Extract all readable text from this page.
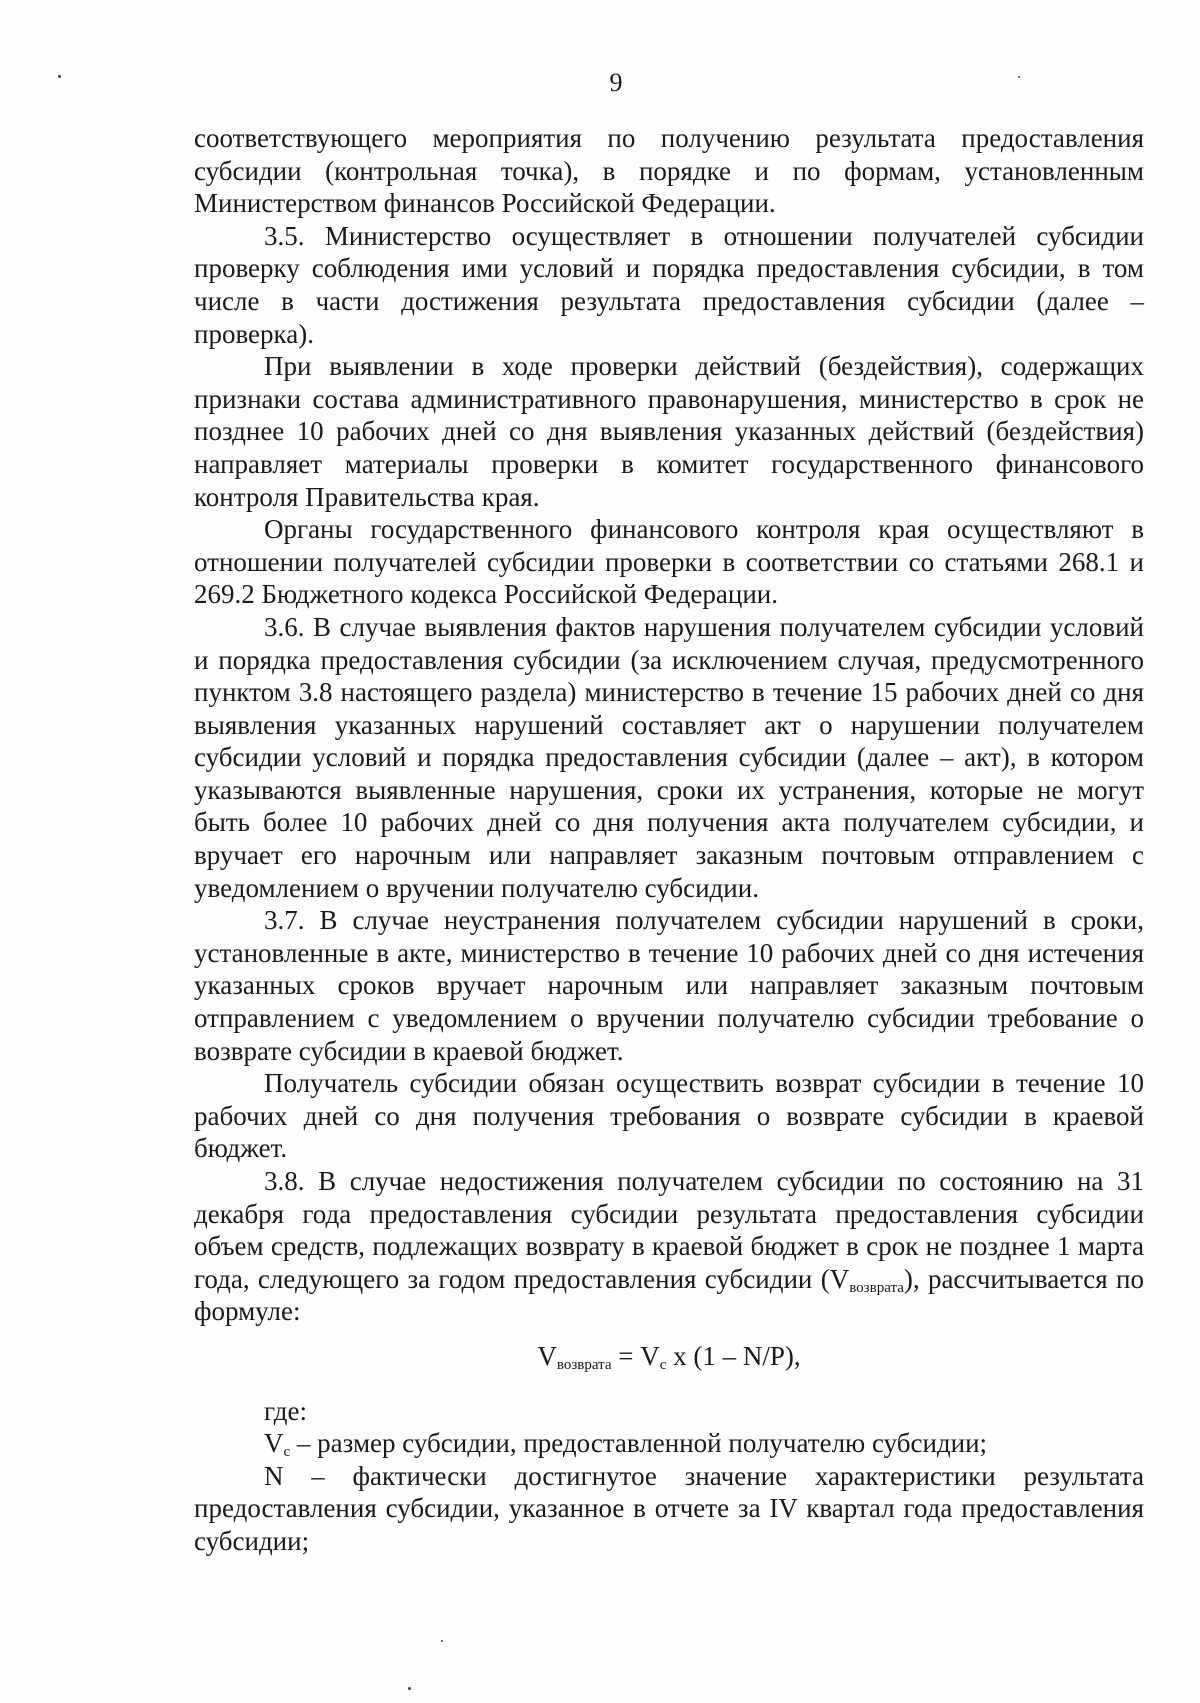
9

соответствующего мероприятия по получению результата предоставления субсидии (контрольная точка), в порядке и по формам, установленным Министерством финансов Российской Федерации.

3.5. Министерство осуществляет в отношении получателей субсидии проверку соблюдения ими условий и порядка предоставления субсидии, в том числе в части достижения результата предоставления субсидии (далее – проверка).

При выявлении в ходе проверки действий (бездействия), содержащих признаки состава административного правонарушения, министерство в срок не позднее 10 рабочих дней со дня выявления указанных действий (бездействия) направляет материалы проверки в комитет государственного финансового контроля Правительства края.

Органы государственного финансового контроля края осуществляют в отношении получателей субсидии проверки в соответствии со статьями 268.1 и 269.2 Бюджетного кодекса Российской Федерации.

3.6. В случае выявления фактов нарушения получателем субсидии условий и порядка предоставления субсидии (за исключением случая, предусмотренного пунктом 3.8 настоящего раздела) министерство в течение 15 рабочих дней со дня выявления указанных нарушений составляет акт о нарушении получателем субсидии условий и порядка предоставления субсидии (далее – акт), в котором указываются выявленные нарушения, сроки их устранения, которые не могут быть более 10 рабочих дней со дня получения акта получателем субсидии, и вручает его нарочным или направляет заказным почтовым отправлением с уведомлением о вручении получателю субсидии.

3.7. В случае неустранения получателем субсидии нарушений в сроки, установленные в акте, министерство в течение 10 рабочих дней со дня истечения указанных сроков вручает нарочным или направляет заказным почтовым отправлением с уведомлением о вручении получателю субсидии требование о возврате субсидии в краевой бюджет.

Получатель субсидии обязан осуществить возврат субсидии в течение 10 рабочих дней со дня получения требования о возврате субсидии в краевой бюджет.

3.8. В случае недостижения получателем субсидии по состоянию на 31 декабря года предоставления субсидии результата предоставления субсидии объем средств, подлежащих возврату в краевой бюджет в срок не позднее 1 марта года, следующего за годом предоставления субсидии $(V_{возврата})$, рассчитывается по формуле:

$V_{возврата} = V_с$ x (1 – N/P),

где:

$V_с$ – размер субсидии, предоставленной получателю субсидии;

N – фактически достигнутое значение характеристики результата предоставления субсидии, указанное в отчете за IV квартал года предоставления субсидии;
